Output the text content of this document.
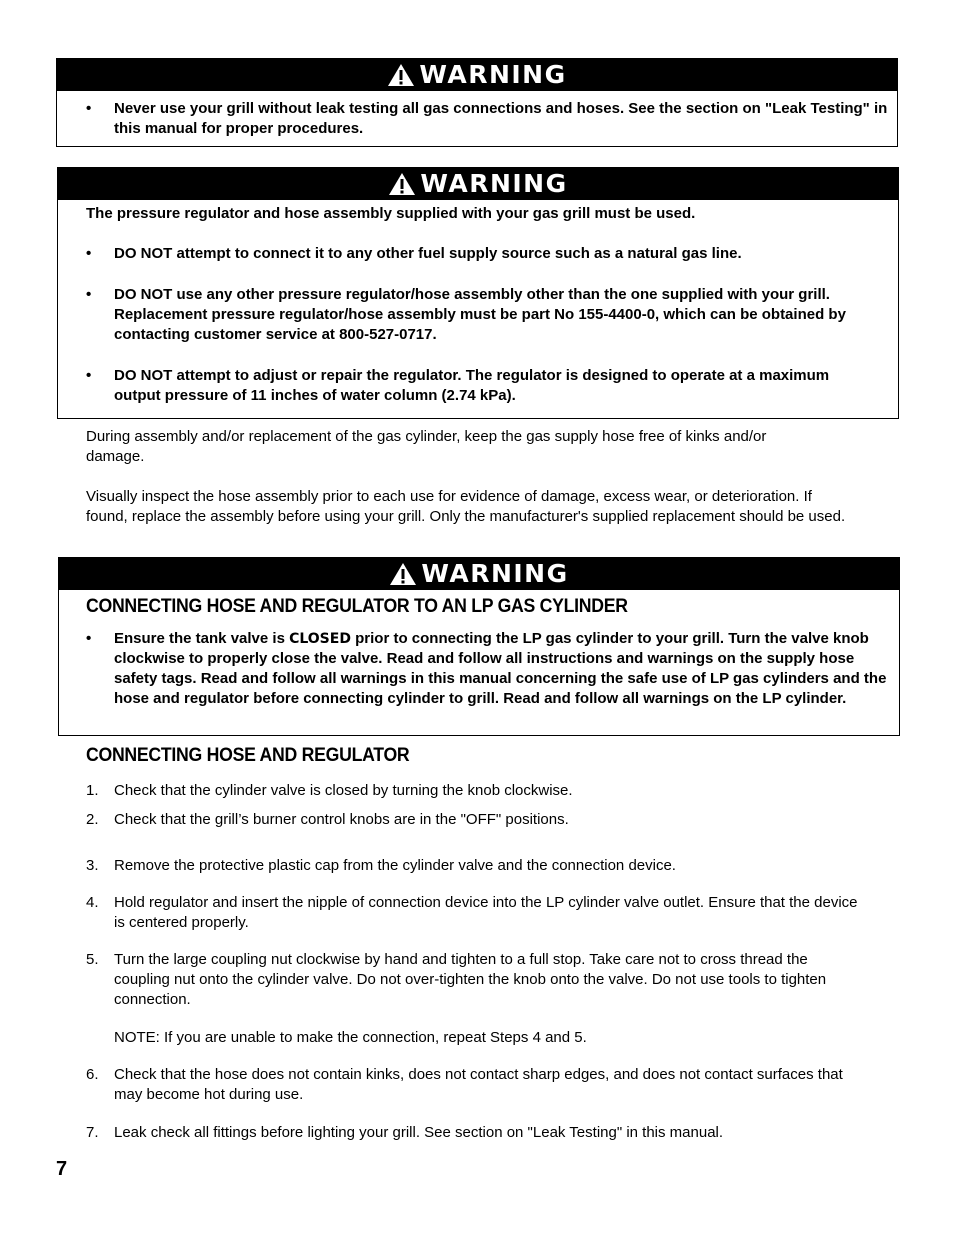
WARNING
• Never use your grill without leak testing all gas connections and hoses. See the section on "Leak Testing" in this manual for proper procedures.
WARNING
The pressure regulator and hose assembly supplied with your gas grill must be used.
• DO NOT attempt to connect it to any other fuel supply source such as a natural gas line.
• DO NOT use any other pressure regulator/hose assembly other than the one supplied with your grill. Replacement pressure regulator/hose assembly must be part No 155-4400-0, which can be obtained by contacting customer service at 800-527-0717.
• DO NOT attempt to adjust or repair the regulator. The regulator is designed to operate at a maximum output pressure of 11 inches of water column (2.74 kPa).
During assembly and/or replacement of the gas cylinder, keep the gas supply hose free of kinks and/or damage.
Visually inspect the hose assembly prior to each use for evidence of damage, excess wear, or deterioration. If found, replace the assembly before using your grill. Only the manufacturer's supplied replacement should be used.
WARNING
CONNECTING HOSE AND REGULATOR TO AN LP GAS CYLINDER
• Ensure the tank valve is CLOSED prior to connecting the LP gas cylinder to your grill. Turn the valve knob clockwise to properly close the valve. Read and follow all instructions and warnings on the supply hose safety tags. Read and follow all warnings in this manual concerning the safe use of LP gas cylinders and the hose and regulator before connecting cylinder to grill. Read and follow all warnings on the LP cylinder.
CONNECTING HOSE AND REGULATOR
1. Check that the cylinder valve is closed by turning the knob clockwise.
2. Check that the grill’s burner control knobs are in the "OFF" positions.
3. Remove the protective plastic cap from the cylinder valve and the connection device.
4. Hold regulator and insert the nipple of connection device into the LP cylinder valve outlet. Ensure that the device is centered properly.
5. Turn the large coupling nut clockwise by hand and tighten to a full stop. Take care not to cross thread the coupling nut onto the cylinder valve. Do not over-tighten the knob onto the valve. Do not use tools to tighten connection.
NOTE: If you are unable to make the connection, repeat Steps 4 and 5.
6. Check that the hose does not contain kinks, does not contact sharp edges, and does not contact surfaces that may become hot during use.
7. Leak check all fittings before lighting your grill. See section on "Leak Testing" in this manual.
7
